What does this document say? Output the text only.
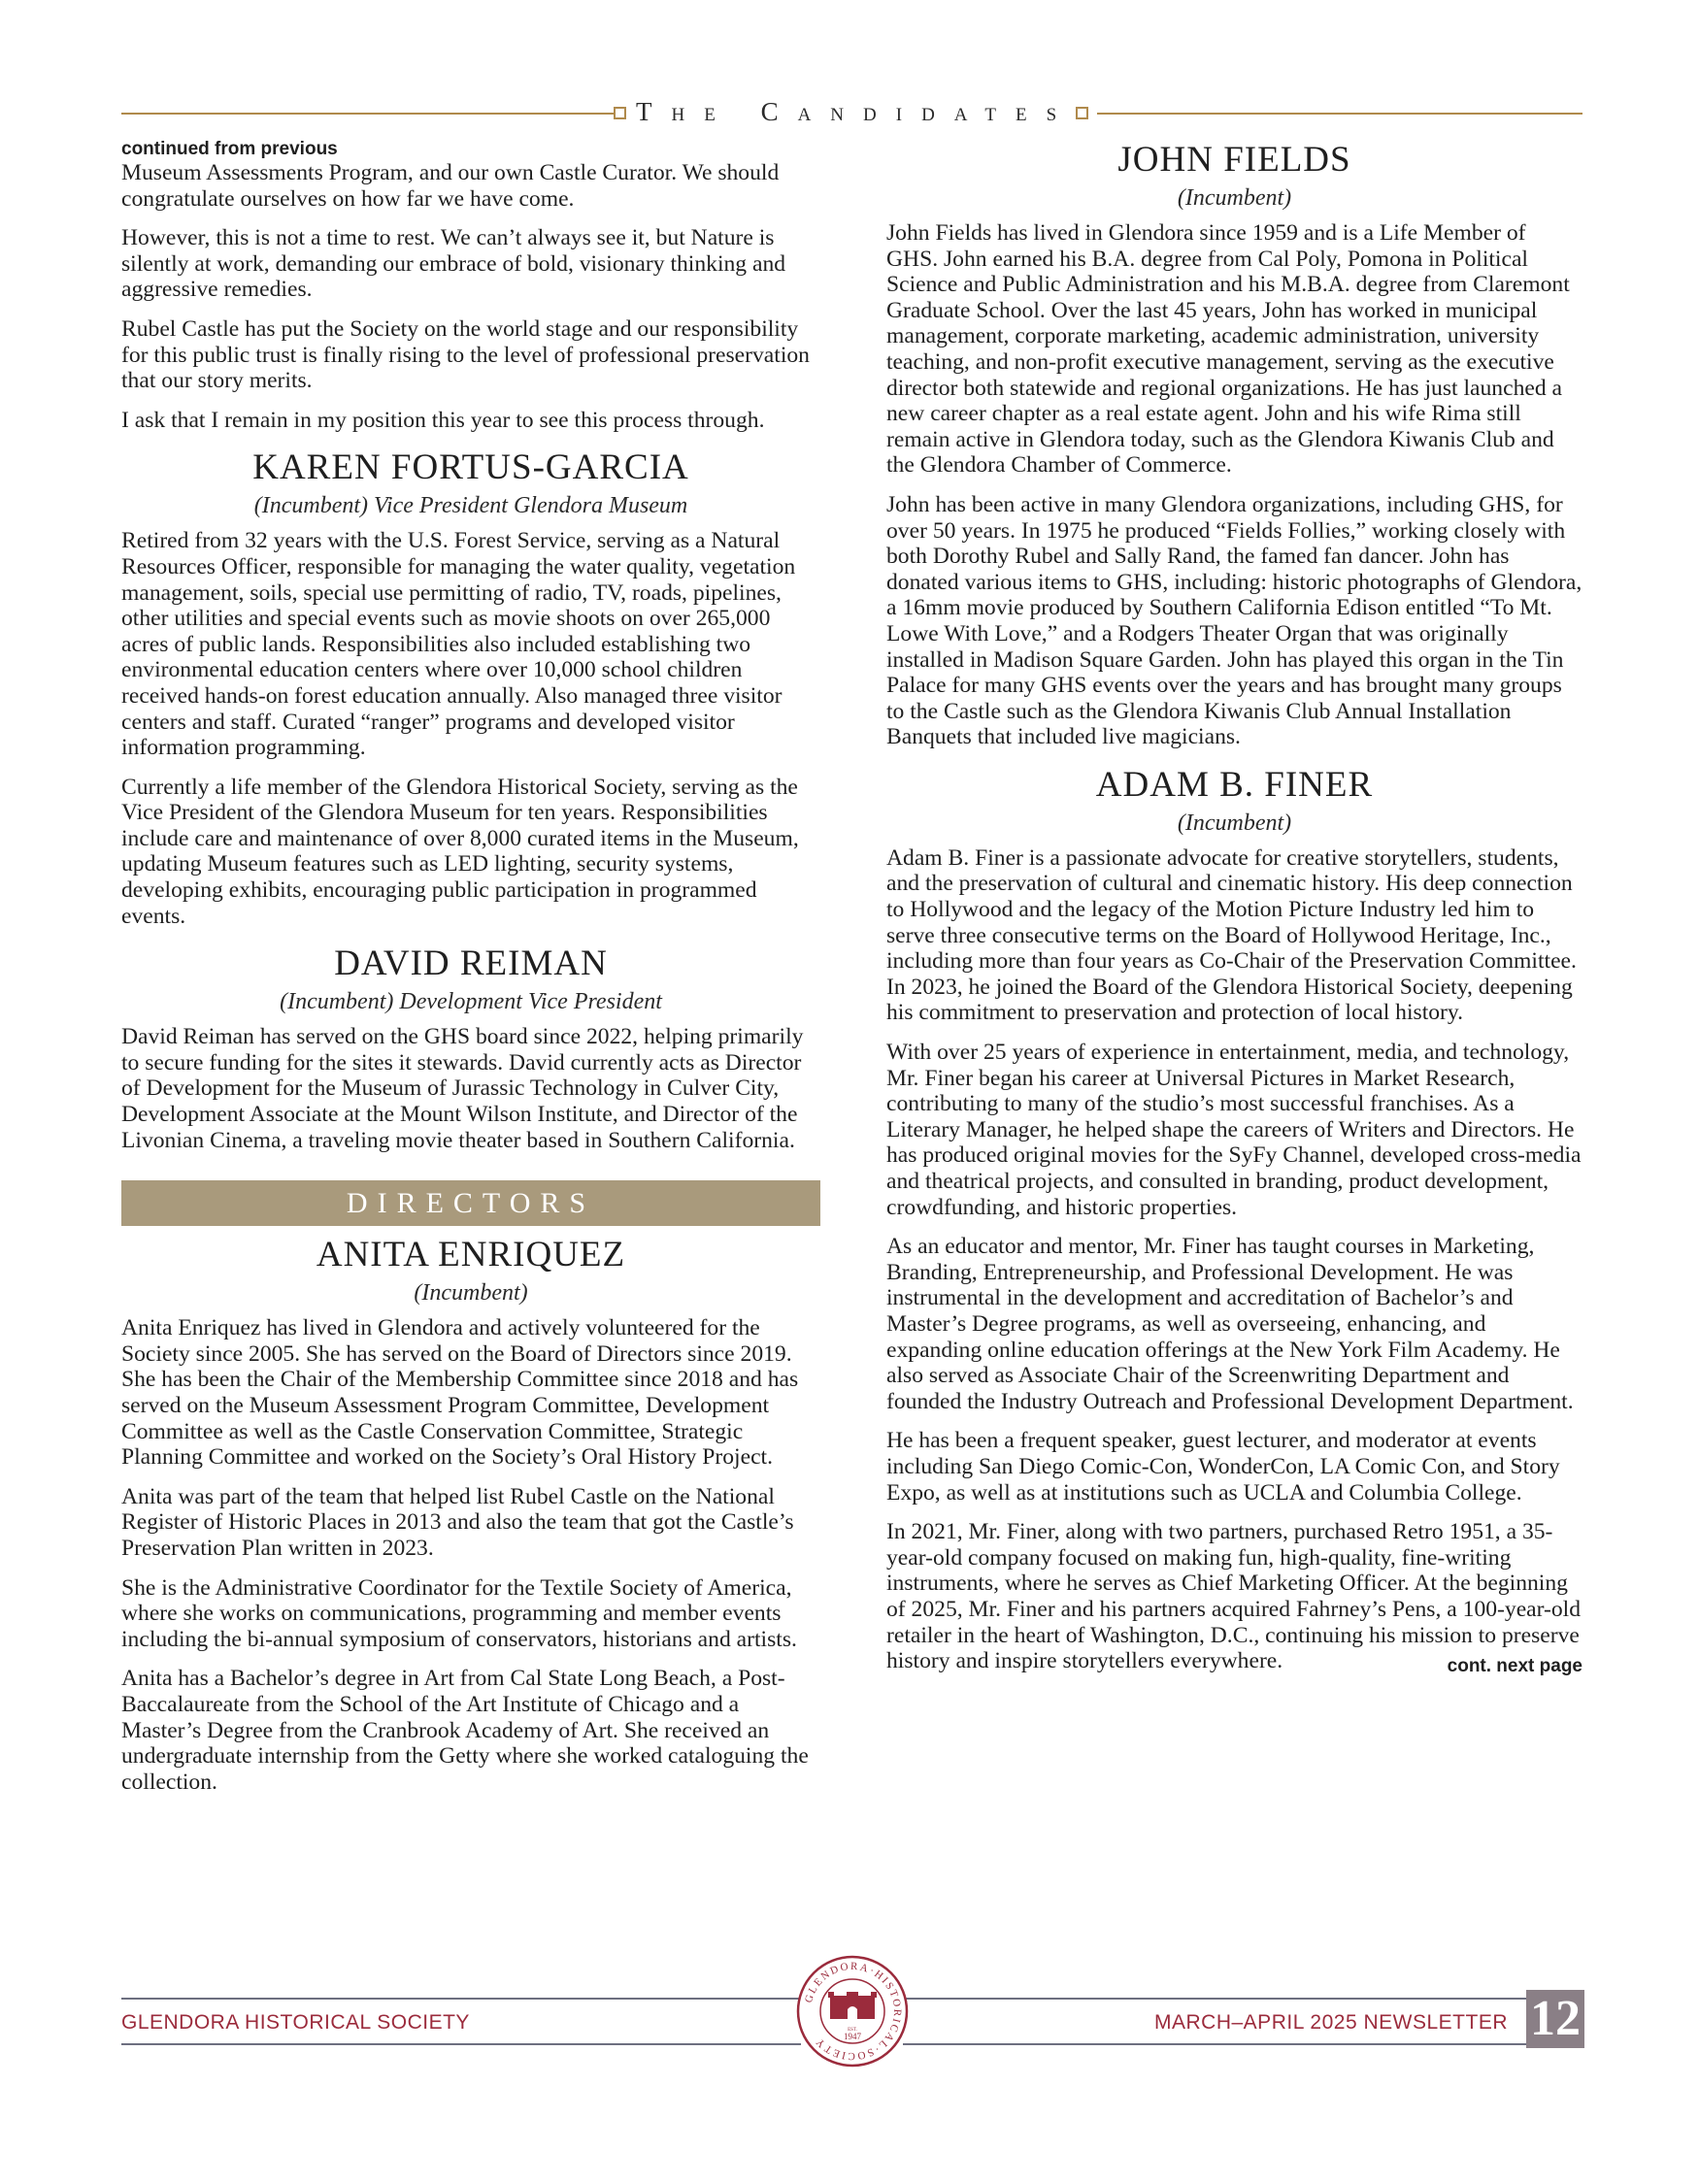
The Candidates
continued from previous

Museum Assessments Program, and our own Castle Curator. We should congratulate ourselves on how far we have come.

However, this is not a time to rest. We can’t always see it, but Nature is silently at work, demanding our embrace of bold, visionary thinking and aggressive remedies.

Rubel Castle has put the Society on the world stage and our responsibility for this public trust is finally rising to the level of professional preservation that our story merits.

I ask that I remain in my position this year to see this process through.

KAREN FORTUS-GARCIA
(Incumbent) Vice President Glendora Museum

Retired from 32 years with the U.S. Forest Service, serving as a Natural Resources Officer, responsible for managing the water quality, vegetation management, soils, special use permitting of radio, TV, roads, pipelines, other utilities and special events such as movie shoots on over 265,000 acres of public lands. Responsibilities also included establishing two environmental education centers where over 10,000 school children received hands-on forest education annually. Also managed three visitor centers and staff. Curated “ranger” programs and developed visitor information programming.

Currently a life member of the Glendora Historical Society, serving as the Vice President of the Glendora Museum for ten years. Responsibilities include care and maintenance of over 8,000 curated items in the Museum, updating Museum features such as LED lighting, security systems, developing exhibits, encouraging public participation in programmed events.

DAVID REIMAN
(Incumbent) Development Vice President

David Reiman has served on the GHS board since 2022, helping primarily to secure funding for the sites it stewards. David currently acts as Director of Development for the Museum of Jurassic Technology in Culver City, Development Associate at the Mount Wilson Institute, and Director of the Livonian Cinema, a traveling movie theater based in Southern California.

DIRECTORS
ANITA ENRIQUEZ
(Incumbent)

Anita Enriquez has lived in Glendora and actively volunteered for the Society since 2005. She has served on the Board of Directors since 2019. She has been the Chair of the Membership Committee since 2018 and has served on the Museum Assessment Program Committee, Development Committee as well as the Castle Conservation Committee, Strategic Planning Committee and worked on the Society’s Oral History Project.

Anita was part of the team that helped list Rubel Castle on the National Register of Historic Places in 2013 and also the team that got the Castle’s Preservation Plan written in 2023.

She is the Administrative Coordinator for the Textile Society of America, where she works on communications, programming and member events including the bi-annual symposium of conservators, historians and artists.

Anita has a Bachelor’s degree in Art from Cal State Long Beach, a Post-Baccalaureate from the School of the Art Institute of Chicago and a Master’s Degree from the Cranbrook Academy of Art. She received an undergraduate internship from the Getty where she worked cataloguing the collection.

JOHN FIELDS
(Incumbent)

John Fields has lived in Glendora since 1959 and is a Life Member of GHS. John earned his B.A. degree from Cal Poly, Pomona in Political Science and Public Administration and his M.B.A. degree from Claremont Graduate School. Over the last 45 years, John has worked in municipal management, corporate marketing, academic administration, university teaching, and non-profit executive management, serving as the executive director both statewide and regional organizations. He has just launched a new career chapter as a real estate agent. John and his wife Rima still remain active in Glendora today, such as the Glendora Kiwanis Club and the Glendora Chamber of Commerce.

John has been active in many Glendora organizations, including GHS, for over 50 years. In 1975 he produced “Fields Follies,” working closely with both Dorothy Rubel and Sally Rand, the famed fan dancer. John has donated various items to GHS, including: historic photographs of Glendora, a 16mm movie produced by Southern California Edison entitled “To Mt. Lowe With Love,” and a Rodgers Theater Organ that was originally installed in Madison Square Garden. John has played this organ in the Tin Palace for many GHS events over the years and has brought many groups to the Castle such as the Glendora Kiwanis Club Annual Installation Banquets that included live magicians.

ADAM B. FINER
(Incumbent)

Adam B. Finer is a passionate advocate for creative storytellers, students, and the preservation of cultural and cinematic history. His deep connection to Hollywood and the legacy of the Motion Picture Industry led him to serve three consecutive terms on the Board of Hollywood Heritage, Inc., including more than four years as Co-Chair of the Preservation Committee. In 2023, he joined the Board of the Glendora Historical Society, deepening his commitment to preservation and protection of local history.

With over 25 years of experience in entertainment, media, and technology, Mr. Finer began his career at Universal Pictures in Market Research, contributing to many of the studio’s most successful franchises. As a Literary Manager, he helped shape the careers of Writers and Directors. He has produced original movies for the SyFy Channel, developed cross-media and theatrical projects, and consulted in branding, product development, crowdfunding, and historic properties.

As an educator and mentor, Mr. Finer has taught courses in Marketing, Branding, Entrepreneurship, and Professional Development. He was instrumental in the development and accreditation of Bachelor’s and Master’s Degree programs, as well as overseeing, enhancing, and expanding online education offerings at the New York Film Academy. He also served as Associate Chair of the Screenwriting Department and founded the Industry Outreach and Professional Development Department.

He has been a frequent speaker, guest lecturer, and moderator at events including San Diego Comic-Con, WonderCon, LA Comic Con, and Story Expo, as well as at institutions such as UCLA and Columbia College.

In 2021, Mr. Finer, along with two partners, purchased Retro 1951, a 35-year-old company focused on making fun, high-quality, fine-writing instruments, where he serves as Chief Marketing Officer. At the beginning of 2025, Mr. Finer and his partners acquired Fahrney’s Pens, a 100-year-old retailer in the heart of Washington, D.C., continuing his mission to preserve history and inspire storytellers everywhere.	cont. next page

GLENDORA HISTORICAL SOCIETY	MARCH–APRIL 2025 NEWSLETTER 12
GLENDORA·HISTORICAL·SOCIETY
EST.
1947
